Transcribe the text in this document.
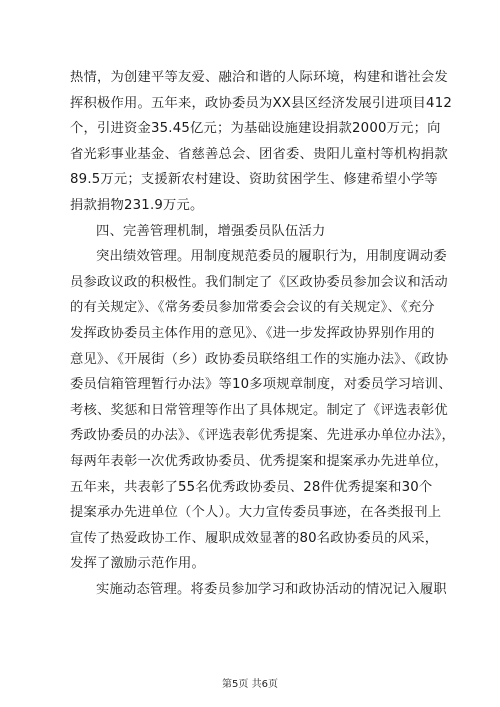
热情，为创建平等友爱、融洽和谐的人际环境，构建和谐社会发
挥积极作用。五年来，政协委员为XX县区经济发展引进项目412
个，引进资金35.45亿元；为基础设施建设捐款2000万元；向
省光彩事业基金、省慈善总会、团省委、贵阳儿童村等机构捐款
89.5万元；支援新农村建设、资助贫困学生、修建希望小学等
捐款捐物231.9万元。
四、完善管理机制，增强委员队伍活力
突出绩效管理。用制度规范委员的履职行为，用制度调动委
员参政议政的积极性。我们制定了《区政协委员参加会议和活动
的有关规定》、《常务委员参加常委会会议的有关规定》、《充分
发挥政协委员主体作用的意见》、《进一步发挥政协界别作用的
意见》、《开展街（乡）政协委员联络组工作的实施办法》、《政协
委员信箱管理暂行办法》等10多项规章制度，对委员学习培训、
考核、奖惩和日常管理等作出了具体规定。制定了《评选表彰优
秀政协委员的办法》、《评选表彰优秀提案、先进承办单位办法》，
每两年表彰一次优秀政协委员、优秀提案和提案承办先进单位，
五年来，共表彰了55名优秀政协委员、28件优秀提案和30个
提案承办先进单位（个人）。大力宣传委员事迹，在各类报刊上
宣传了热爱政协工作、履职成效显著的80名政协委员的风采，
发挥了激励示范作用。
实施动态管理。将委员参加学习和政协活动的情况记入履职
第5页 共6页
